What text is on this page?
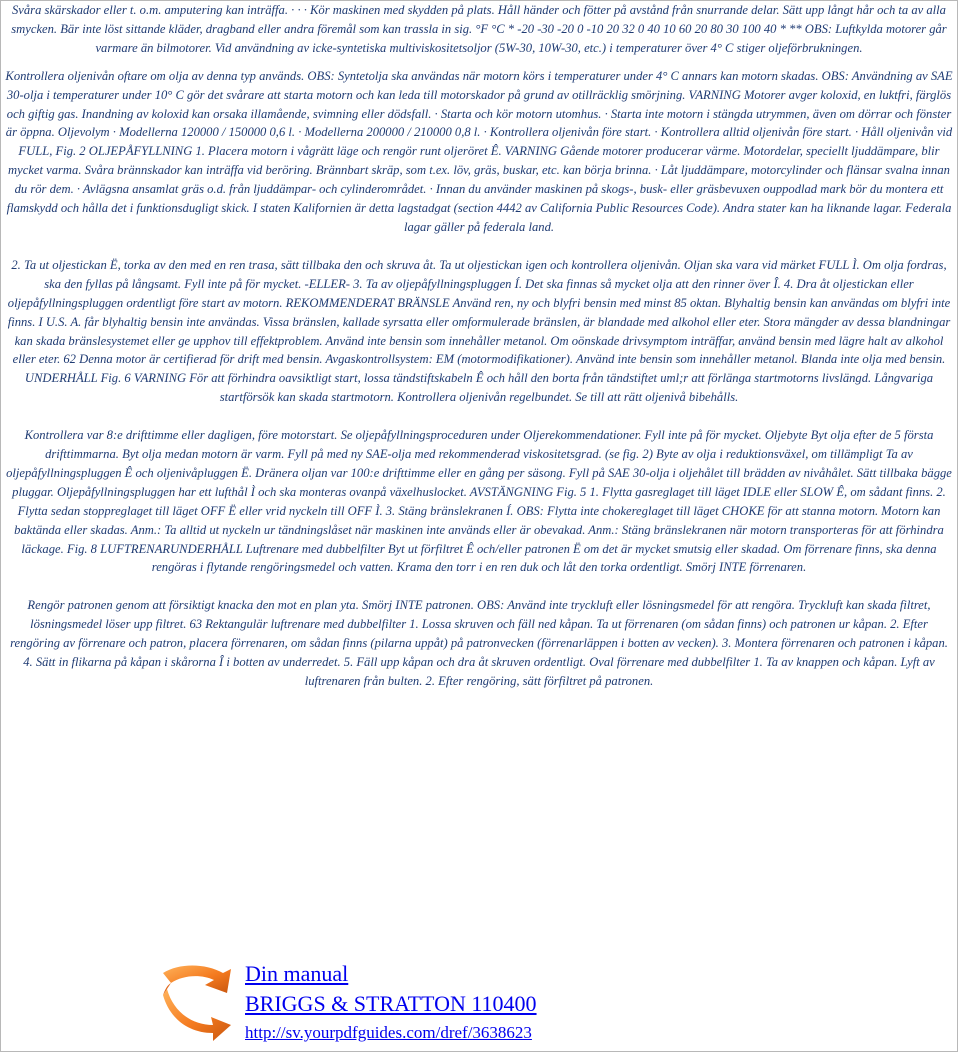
Svåra skärskador eller t. o.m. amputering kan inträffa. · · · Kör maskinen med skydden på plats. Håll händer och fötter på avstånd från snurrande delar. Sätt upp långt hår och ta av alla smycken. Bär inte löst sittande kläder, dragband eller andra föremål som kan trassla in sig. °F °C * -20 -30 -20 0 -10 20 32 0 40 10 60 20 80 30 100 40 * ** OBS: Luftkylda motorer går varmare än bilmotorer. Vid användning av icke-syntetiska multiviskositetsoljor (5W-30, 10W-30, etc.) i temperaturer över 4° C stiger oljeförbrukningen.

Kontrollera oljenivån oftare om olja av denna typ används. OBS: Syntetolja ska användas när motorn körs i temperaturer under 4° C annars kan motorn skadas. OBS: Användning av SAE 30-olja i temperaturer under 10° C gör det svårare att starta motorn och kan leda till motorskador på grund av otillräcklig smörjning. VARNING Motorer avger koloxid, en luktfri, färglös och giftig gas. Inandning av koloxid kan orsaka illamående, svimning eller dödsfall. · Starta och kör motorn utomhus. · Starta inte motorn i stängda utrymmen, även om dörrar och fönster är öppna. Oljevolym · Modellerna 120000 / 150000 0,6 l. · Modellerna 200000 / 210000 0,8 l. · Kontrollera oljenivån före start. · Kontrollera alltid oljenivån före start. · Håll oljenivån vid FULL, Fig. 2 OLJEPÅFYLLNING 1. Placera motorn i vågrätt läge och rengör runt oljeröret Ê. VARNING Gående motorer producerar värme. Motordelar, speciellt ljuddämpare, blir mycket varma. Svåra brännskador kan inträffa vid beröring. Brännbart skräp, som t.ex. löv, gräs, buskar, etc. kan börja brinna. · Låt ljuddämpare, motorcylinder och flänsar svalna innan du rör dem. · Avlägsna ansamlat gräs o.d. från ljuddämpar- och cylinderområdet. · Innan du använder maskinen på skogs-, busk- eller gräsbevuxen ouppodlad mark bör du montera ett flamskydd och hålla det i funktionsdugligt skick. I staten Kalifornien är detta lagstadgat (section 4442 av California Public Resources Code). Andra stater kan ha liknande lagar. Federala lagar gäller på federala land.

2. Ta ut oljestickan Ë, torka av den med en ren trasa, sätt tillbaka den och skruva åt. Ta ut oljestickan igen och kontrollera oljenivån. Oljan ska vara vid märket FULL Ì. Om olja fordras, ska den fyllas på långsamt. Fyll inte på för mycket. -ELLER- 3. Ta av oljepåfyllningspluggen Í. Det ska finnas så mycket olja att den rinner över Î. 4. Dra åt oljestickan eller oljepåfyllningspluggen ordentligt före start av motorn. REKOMMENDERAT BRÄNSLE Använd ren, ny och blyfri bensin med minst 85 oktan. Blyhaltig bensin kan användas om blyfri inte finns. I U.S. A. får blyhaltig bensin inte användas. Vissa bränslen, kallade syrsatta eller omformulerade bränslen, är blandade med alkohol eller eter. Stora mängder av dessa blandningar kan skada bränslesystemet eller ge upphov till effektproblem. Använd inte bensin som innehåller metanol. Om oönskade drivsymptom inträffar, använd bensin med lägre halt av alkohol eller eter. 62 Denna motor är certifierad för drift med bensin. Avgaskontrollsystem: EM (motormodifikationer). Använd inte bensin som innehåller metanol. Blanda inte olja med bensin. UNDERHÅLL Fig. 6 VARNING För att förhindra oavsiktligt start, lossa tändstiftskabeln Ê och håll den borta från tändstiftet uml;r att förlänga startmotorns livslängd. Långvariga startförsök kan skada startmotorn. Kontrollera oljenivån regelbundet. Se till att rätt oljenivå bibehålls.

Kontrollera var 8:e drifttimme eller dagligen, före motorstart. Se oljepåfyllningsproceduren under Oljerekommendationer. Fyll inte på för mycket. Oljebyte Byt olja efter de 5 första drifttimmarna. Byt olja medan motorn är varm. Fyll på med ny SAE-olja med rekommenderad viskositetsgrad. (se fig. 2) Byte av olja i reduktionsväxel, om tillämpligt Ta av oljepåfyllningspluggen Ê och oljenivåpluggen Ë. Dränera oljan var 100:e drifttimme eller en gång per säsong. Fyll på SAE 30-olja i oljehålet till brädden av nivåhålet. Sätt tillbaka bägge pluggar. Oljepåfyllningspluggen har ett lufthål Ì och ska monteras ovanpå växelhuslocket. AVSTÄNGNING Fig. 5 1. Flytta gasreglaget till läget IDLE eller SLOW Ê, om sådant finns. 2. Flytta sedan stoppreglaget till läget OFF Ë eller vrid nyckeln till OFF Ì. 3. Stäng bränslekranen Í. OBS: Flytta inte chokereglaget till läget CHOKE för att stanna motorn. Motorn kan baktända eller skadas. Anm.: Ta alltid ut nyckeln ur tändningslåset när maskinen inte används eller är obevakad. Anm.: Stäng bränslekranen när motorn transporteras för att förhindra läckage. Fig. 8 LUFTRENARUNDERHÅLL Luftrenare med dubbelfilter Byt ut förfiltret Ê och/eller patronen Ë om det är mycket smutsig eller skadad. Om förrenare finns, ska denna rengöras i flytande rengöringsmedel och vatten. Krama den torr i en ren duk och låt den torka ordentligt. Smörj INTE förrenaren.

Rengör patronen genom att försiktigt knacka den mot en plan yta. Smörj INTE patronen. OBS: Använd inte tryckluft eller lösningsmedel för att rengöra. Tryckluft kan skada filtret, lösningsmedel löser upp filtret. 63 Rektangulär luftrenare med dubbelfilter 1. Lossa skruven och fäll ned kåpan. Ta ut förrenaren (om sådan finns) och patronen ur kåpan. 2. Efter rengöring av förrenare och patron, placera förrenaren, om sådan finns (pilarna uppåt) på patronvecken (förrenarläppen i botten av vecken). 3. Montera förrenaren och patronen i kåpan. 4. Sätt in flikarna på kåpan i skårorna Î i botten av underredet. 5. Fäll upp kåpan och dra åt skruven ordentligt. Oval förrenare med dubbelfilter 1. Ta av knappen och kåpan. Lyft av luftrenaren från bulten. 2. Efter rengöring, sätt förfiltret på patronen.

Din manual
BRIGGS & STRATTON 110400
http://sv.yourpdfguides.com/dref/3638623
